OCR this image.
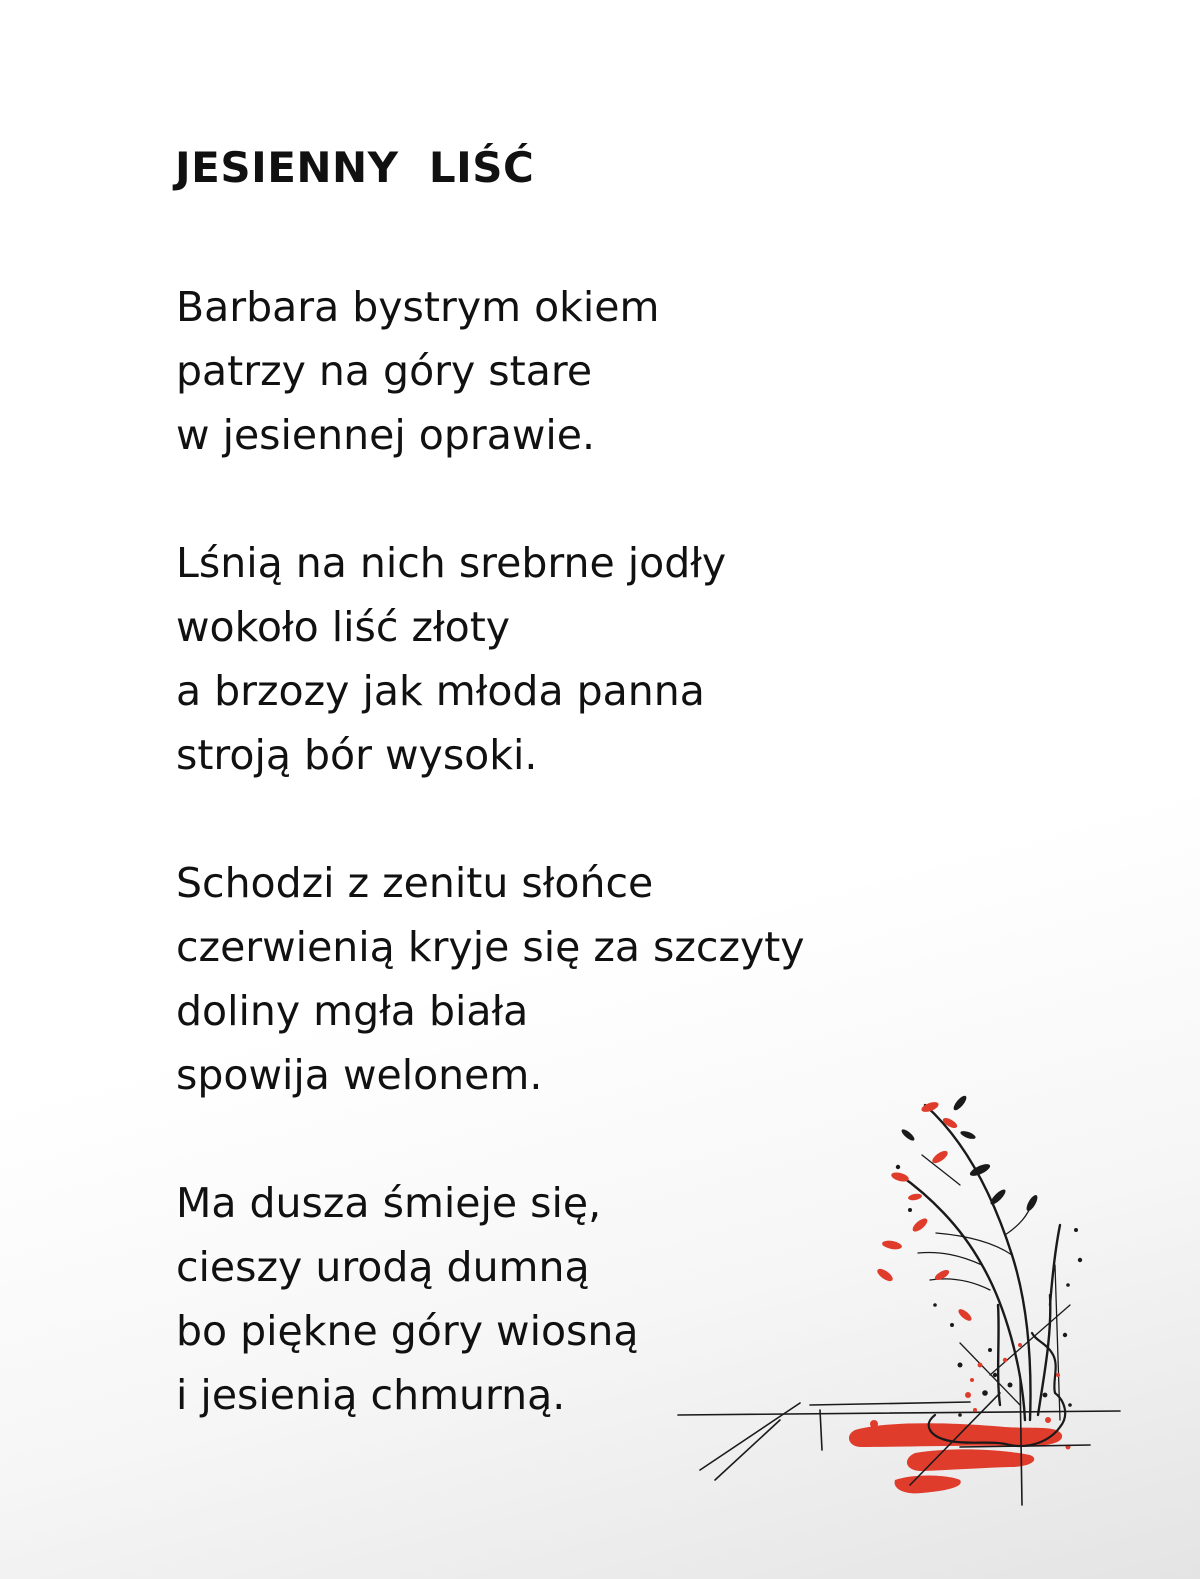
JESIENNY  LIŚĆ
Barbara bystrym okiem
patrzy na góry stare
w jesiennej oprawie.
Lśnią na nich srebrne jodły
wokoło liść złoty
a brzozy jak młoda panna
stroją bór wysoki.
Schodzi z zenitu słońce
czerwienią kryje się za szczyty
doliny mgła biała
spowija welonem.
Ma dusza śmieje się,
cieszy urodą dumną
bo piękne góry wiosną
i jesienią chmurną.
